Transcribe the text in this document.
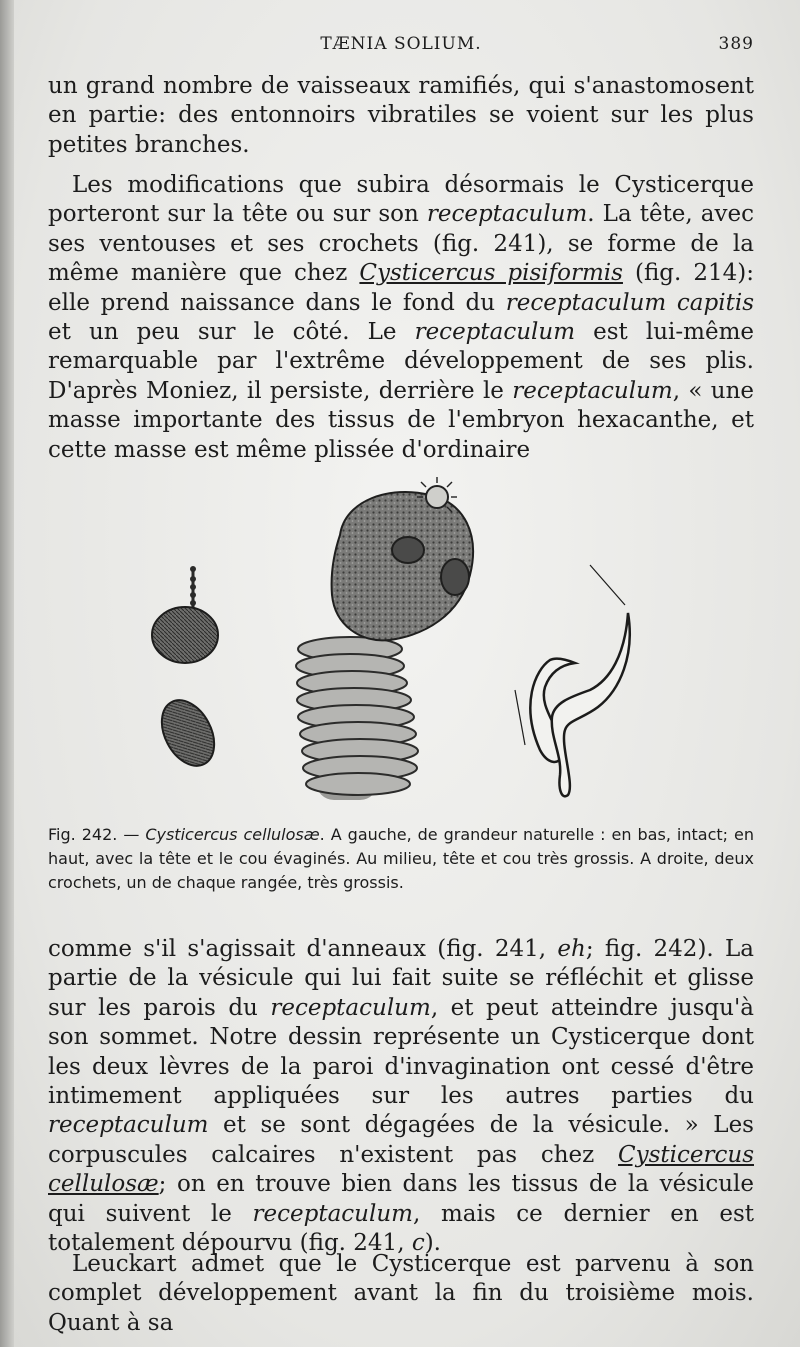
TÆNIA SOLIUM.	389

un grand nombre de vaisseaux ramifiés, qui s'anastomosent en partie: des entonnoirs vibratiles se voient sur les plus petites branches.

Les modifications que subira désormais le Cysticerque porteront sur la tête ou sur son receptaculum. La tête, avec ses ventouses et ses crochets (fig. 241), se forme de la même manière que chez Cysticercus pisiformis (fig. 214): elle prend naissance dans le fond du receptaculum capitis et un peu sur le côté. Le receptaculum est lui-même remarquable par l'extrême développement de ses plis. D'après Moniez, il persiste, derrière le receptaculum, « une masse importante des tissus de l'embryon hexacanthe, et cette masse est même plissée d'ordinaire

Fig. 242. — Cysticercus cellulosæ. A gauche, de grandeur naturelle : en bas, intact; en haut, avec la tête et le cou évaginés. Au milieu, tête et cou très grossis. A droite, deux crochets, un de chaque rangée, très grossis.

comme s'il s'agissait d'anneaux (fig. 241, eh; fig. 242). La partie de la vésicule qui lui fait suite se réfléchit et glisse sur les parois du receptaculum, et peut atteindre jusqu'à son sommet. Notre dessin représente un Cysticerque dont les deux lèvres de la paroi d'invagination ont cessé d'être intimement appliquées sur les autres parties du receptaculum et se sont dégagées de la vésicule. » Les corpuscules calcaires n'existent pas chez Cysticercus cellulosæ; on en trouve bien dans les tissus de la vésicule qui suivent le receptaculum, mais ce dernier en est totalement dépourvu (fig. 241, c).

Leuckart admet que le Cysticerque est parvenu à son complet développement avant la fin du troisième mois. Quant à sa
